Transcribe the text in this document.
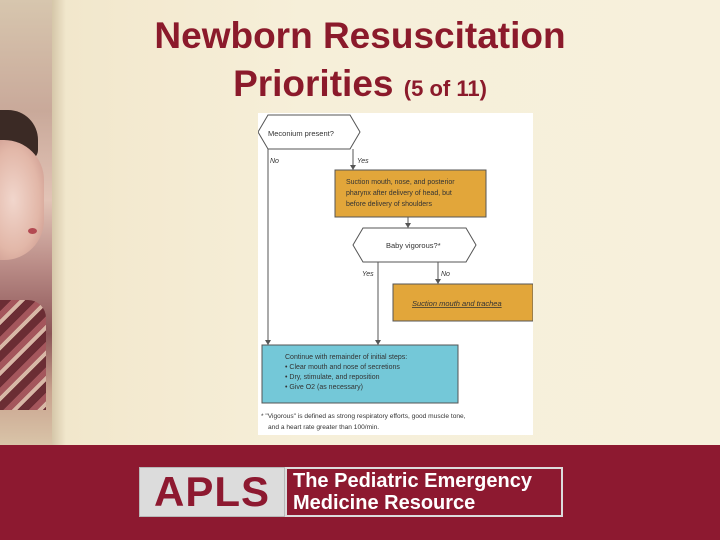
Newborn Resuscitation
Priorities (5 of 11)
Meconium present?
No	Yes
Suction mouth, nose, and posterior
pharynx after delivery of head, but
before delivery of shoulders
Baby vigorous?*
Yes	No
Suction mouth and trachea
Continue with remainder of initial steps:
• Clear mouth and nose of secretions
• Dry, stimulate, and reposition
• Give O2 (as necessary)
* "Vigorous" is defined as strong respiratory efforts, good muscle tone,
and a heart rate greater than 100/min.
APLS	The Pediatric Emergency
Medicine Resource
